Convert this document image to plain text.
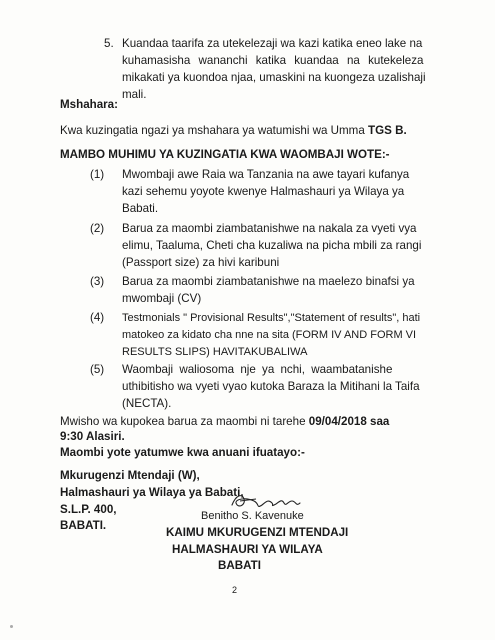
5. Kuandaa taarifa za utekelezaji wa kazi katika eneo lake na
kuhamasisha wananchi katika kuandaa na kutekeleza
mikakati ya kuondoa njaa, umaskini na kuongeza uzalishaji
mali.
Mshahara:
Kwa kuzingatia ngazi ya mshahara ya watumishi wa Umma TGS B.
MAMBO MUHIMU YA KUZINGATIA KWA WAOMBAJI WOTE:-
(1) Mwombaji awe Raia wa Tanzania na awe tayari kufanya
kazi sehemu yoyote kwenye Halmashauri ya Wilaya ya
Babati.
(2) Barua za maombi ziambatanishwe na nakala za vyeti vya
elimu, Taaluma, Cheti cha kuzaliwa na picha mbili za rangi
(Passport size) za hivi karibuni
(3) Barua za maombi ziambatanishwe na maelezo binafsi ya
mwombaji (CV)
(4) Testmonials " Provisional Results","Statement of results", hati
matokeo za kidato cha nne na sita (FORM IV AND FORM VI
RESULTS SLIPS) HAVITAKUBALIWA
(5) Waombaji waliosoma nje ya nchi, waambatanishe
uthibitisho wa vyeti vyao kutoka Baraza la Mitihani la Taifa
(NECTA).
Mwisho wa kupokea barua za maombi ni tarehe 09/04/2018 saa
9:30 Alasiri.
Maombi yote yatumwe kwa anuani ifuatayo:-
Mkurugenzi Mtendaji (W),
Halmashauri ya Wilaya ya Babati,
S.L.P. 400,
BABATI.
Benitho S. Kavenuke
KAIMU MKURUGENZI MTENDAJI
HALMASHAURI YA WILAYA
BABATI
2
